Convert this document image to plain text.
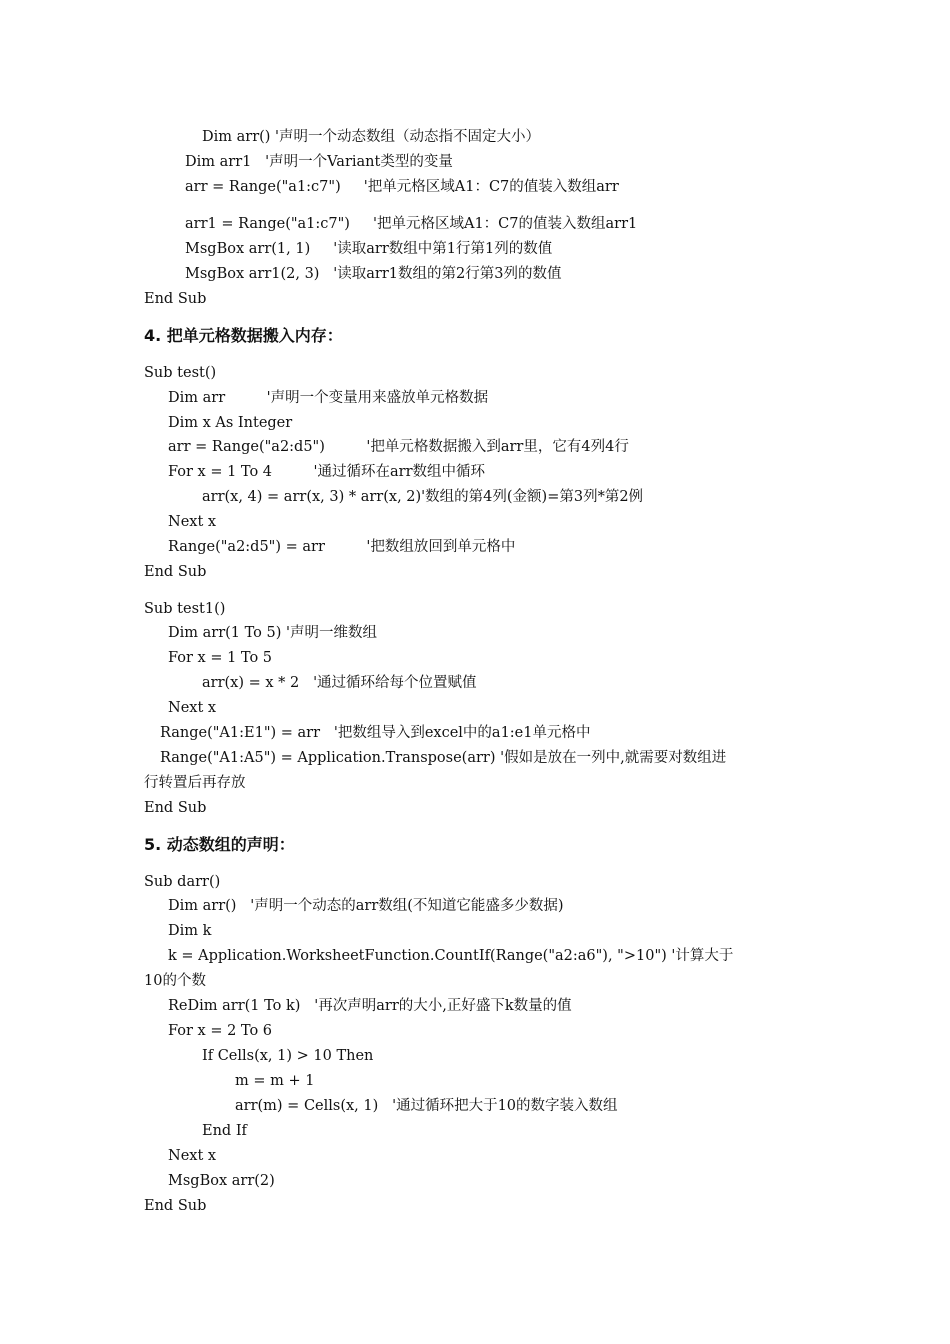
Dim arr() '声明一个动态数组（动态指不固定大小）
Dim arr1   '声明一个Variant类型的变量
arr = Range("a1:c7")     '把单元格区域A1：C7的值装入数组arr
arr1 = Range("a1:c7")     '把单元格区域A1：C7的值装入数组arr1
MsgBox arr(1, 1)     '读取arr数组中第1行第1列的数值
MsgBox arr1(2, 3)   '读取arr1数组的第2行第3列的数值
End Sub
4. 把单元格数据搬入内存：
Sub test()
Dim arr         '声明一个变量用来盛放单元格数据
Dim x As Integer
arr = Range("a2:d5")         '把单元格数据搬入到arr里，它有4列4行
For x = 1 To 4         '通过循环在arr数组中循环
arr(x, 4) = arr(x, 3) * arr(x, 2)'数组的第4列(金额)=第3列*第2例
Next x
Range("a2:d5") = arr         '把数组放回到单元格中
End Sub
Sub test1()
Dim arr(1 To 5) '声明一维数组
For x = 1 To 5
arr(x) = x * 2   '通过循环给每个位置赋值
Next x
Range("A1:E1") = arr   '把数组导入到excel中的a1:e1单元格中
Range("A1:A5") = Application.Transpose(arr) '假如是放在一列中,就需要对数组进
行转置后再存放
End Sub
5. 动态数组的声明：
Sub darr()
Dim arr()   '声明一个动态的arr数组(不知道它能盛多少数据)
Dim k
k = Application.WorksheetFunction.CountIf(Range("a2:a6"), ">10") '计算大于
10的个数
ReDim arr(1 To k)   '再次声明arr的大小,正好盛下k数量的值
For x = 2 To 6
If Cells(x, 1) > 10 Then
m = m + 1
arr(m) = Cells(x, 1)   '通过循环把大于10的数字装入数组
End If
Next x
MsgBox arr(2)
End Sub
